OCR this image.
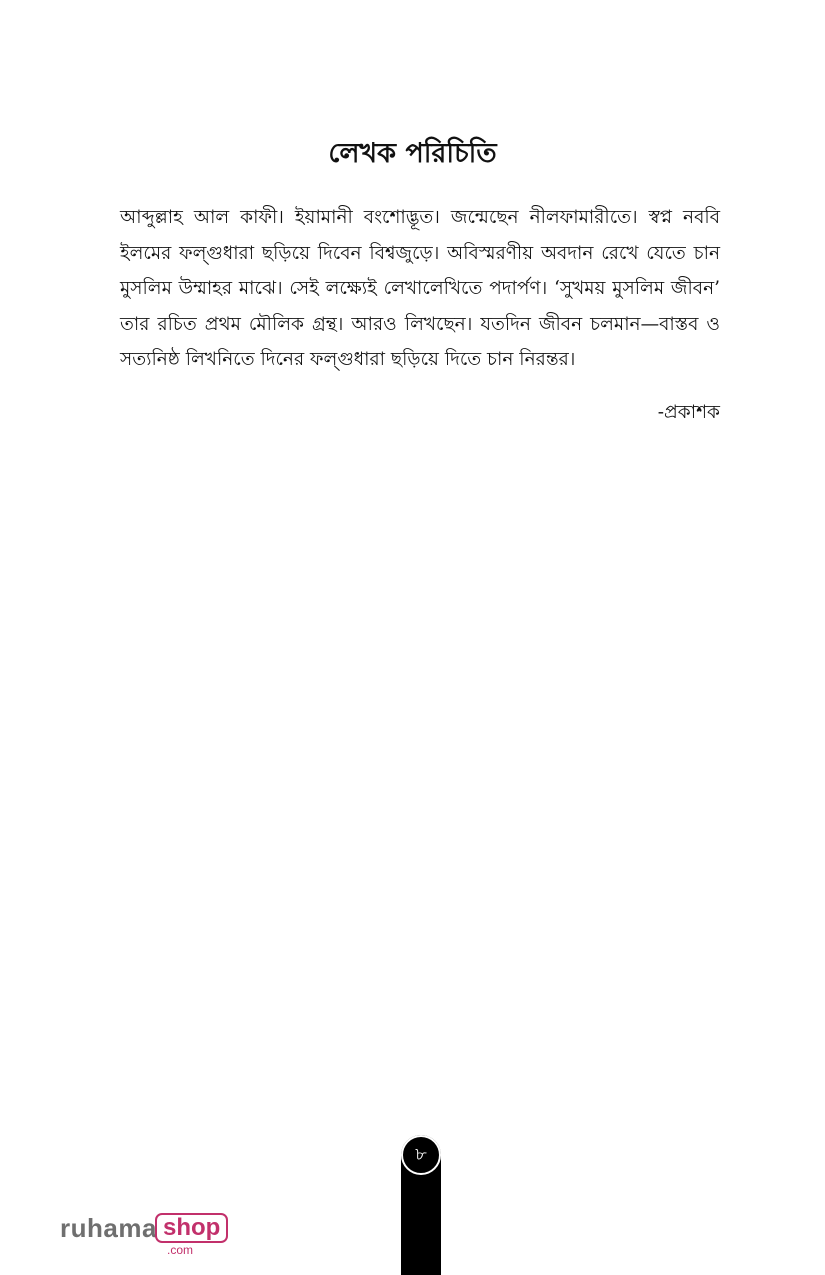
লেখক পরিচিতি

আব্দুল্লাহ আল কাফী। ইয়ামানী বংশোদ্ভূত। জন্মেছেন নীলফামারীতে। স্বপ্ন নববি ইলমের ফল্গুধারা ছড়িয়ে দিবেন বিশ্বজুড়ে। অবিস্মরণীয় অবদান রেখে যেতে চান মুসলিম উম্মাহর মাঝে। সেই লক্ষ্যেই লেখালেখিতে পদার্পণ। ‘সুখময় মুসলিম জীবন’ তার রচিত প্রথম মৌলিক গ্রন্থ। আরও লিখছেন। যতদিন জীবন চলমান—বাস্তব ও সত্যনিষ্ঠ লিখনিতে দিনের ফল্গুধারা ছড়িয়ে দিতে চান নিরন্তর।

-প্রকাশক
৮
ruhama shop
.com
